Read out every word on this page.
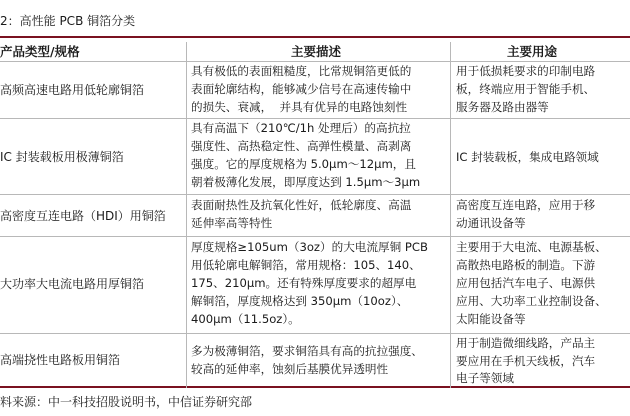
2：高性能 PCB 铜箔分类
产品类型/规格	主要描述	主要用途
高频高速电路用低轮廓铜箔
具有极低的表面粗糙度，比常规铜箔更低的
表面轮廓结构，能够减少信号在高速传输中
的损失、衰减，  并具有优异的电路蚀刻性
用于低损耗要求的印制电路
板，终端应用于智能手机、
服务器及路由器等
IC 封装载板用极薄铜箔
具有高温下（210℃/1h 处理后）的高抗拉
强度性、高热稳定性、高弹性模量、高剥离
强度。它的厚度规格为 5.0μm～12μm，且
朝着极薄化发展，即厚度达到 1.5μm～3μm
IC 封装载板，集成电路领域
高密度互连电路（HDI）用铜箔
表面耐热性及抗氧化性好，低轮廓度、高温
延伸率高等特性
高密度互连电路，应用于移
动通讯设备等
大功率大电流电路用厚铜箔
厚度规格≥105um（3oz）的大电流厚铜 PCB
用低轮廓电解铜箔，常用规格：105、140、
175、210μm。还有特殊厚度要求的超厚电
解铜箔，厚度规格达到 350μm（10oz）、
400μm（11.5oz）。
主要用于大电流、电源基板、
高散热电路板的制造。下游
应用包括汽车电子、电源供
应用、大功率工业控制设备、
太阳能设备等
高端挠性电路板用铜箔
多为极薄铜箔，要求铜箔具有高的抗拉强度、
较高的延伸率，蚀刻后基膜优异透明性
用于制造微细线路，产品主
要应用在手机天线板，汽车
电子等领域
料来源：中一科技招股说明书，中信证券研究部
